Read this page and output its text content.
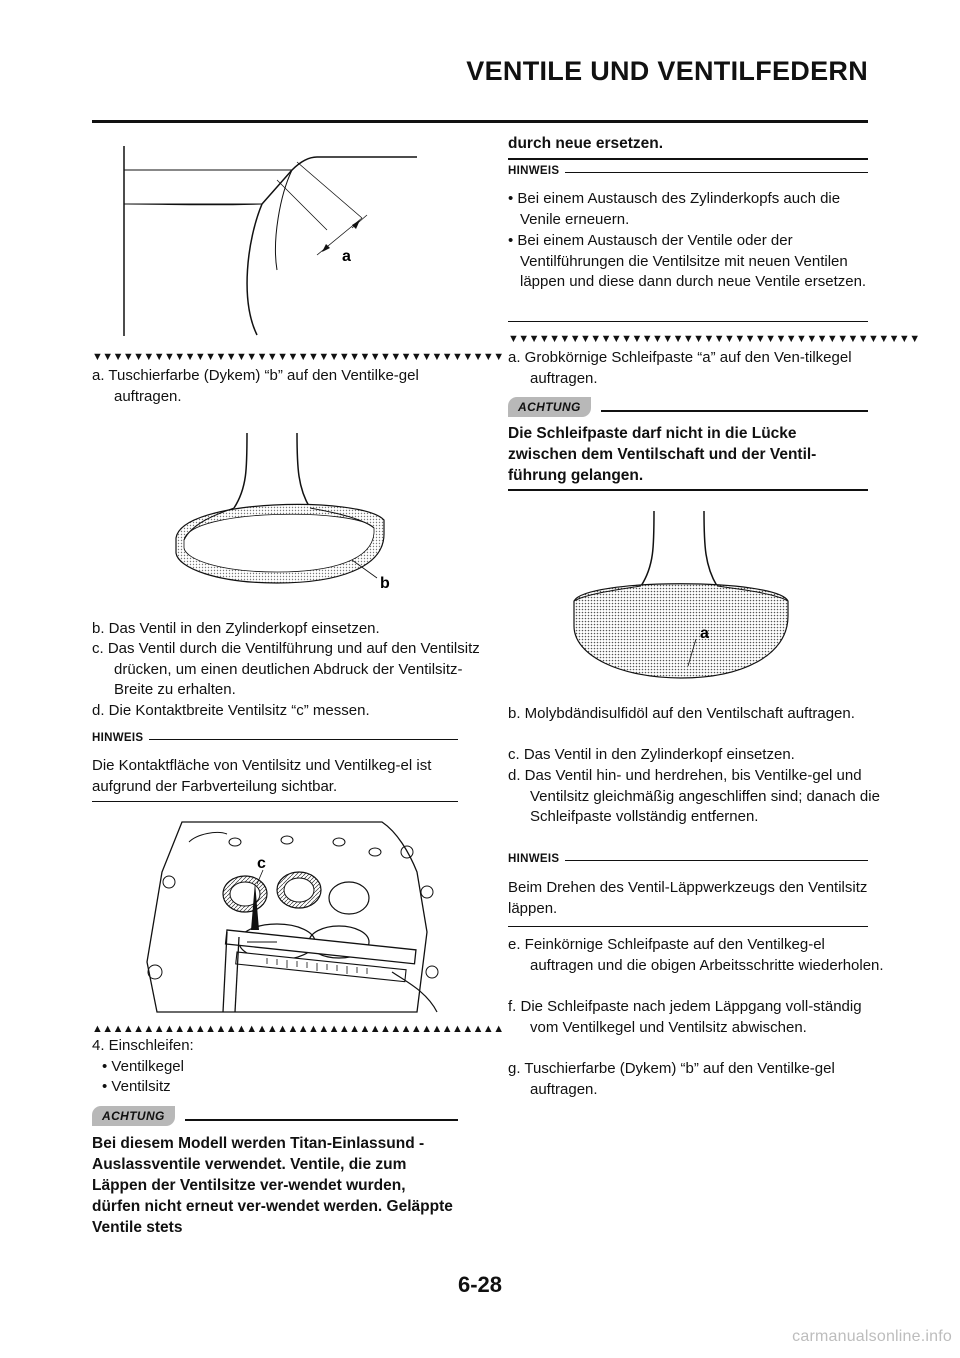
VENTILE UND VENTILFEDERN
a
▼▼▼▼▼▼▼▼▼▼▼▼▼▼▼▼▼▼▼▼▼▼▼▼▼▼▼▼▼▼▼▼▼▼▼▼▼▼▼▼
a. Tuschierfarbe (Dykem) “b” auf den Ventilke-gel auftragen.
b
b. Das Ventil in den Zylinderkopf einsetzen.
c. Das Ventil durch die Ventilführung und auf den Ventilsitz drücken, um einen deutlichen Abdruck der Ventilsitz-Breite zu erhalten.
d. Die Kontaktbreite Ventilsitz “c” messen.
HINWEIS
Die Kontaktfläche von Ventilsitz und Ventilkeg-el ist aufgrund der Farbverteilung sichtbar.
c
▲▲▲▲▲▲▲▲▲▲▲▲▲▲▲▲▲▲▲▲▲▲▲▲▲▲▲▲▲▲▲▲▲▲▲▲▲▲▲▲
4. Einschleifen:
• Ventilkegel
• Ventilsitz
ACHTUNG
Bei diesem Modell werden Titan-Einlassund -Auslassventile verwendet. Ventile, die zum Läppen der Ventilsitze ver-wendet wurden, dürfen nicht erneut ver-wendet werden. Geläppte Ventile stets
durch neue ersetzen.
HINWEIS
• Bei einem Austausch des Zylinderkopfs auch die Venile erneuern.
• Bei einem Austausch der Ventile oder der Ventilführungen die Ventilsitze mit neuen Ventilen läppen und diese dann durch neue Ventile ersetzen.
▼▼▼▼▼▼▼▼▼▼▼▼▼▼▼▼▼▼▼▼▼▼▼▼▼▼▼▼▼▼▼▼▼▼▼▼▼▼▼▼
a. Grobkörnige Schleifpaste “a” auf den Ven-tilkegel auftragen.
ACHTUNG
Die Schleifpaste darf nicht in die Lücke zwischen dem Ventilschaft und der Ventil-führung gelangen.
a
b. Molybdändisulfidöl auf den Ventilschaft auftragen.
c. Das Ventil in den Zylinderkopf einsetzen.
d. Das Ventil hin- und herdrehen, bis Ventilke-gel und Ventilsitz gleichmäßig angeschliffen sind; danach die Schleifpaste vollständig entfernen.
HINWEIS
Beim Drehen des Ventil-Läppwerkzeugs den Ventilsitz läppen.
e. Feinkörnige Schleifpaste auf den Ventilkeg-el auftragen und die obigen Arbeitsschritte wiederholen.
f. Die Schleifpaste nach jedem Läppgang voll-ständig vom Ventilkegel und Ventilsitz abwischen.
g. Tuschierfarbe (Dykem) “b” auf den Ventilke-gel auftragen.
6-28
carmanualsonline.info
